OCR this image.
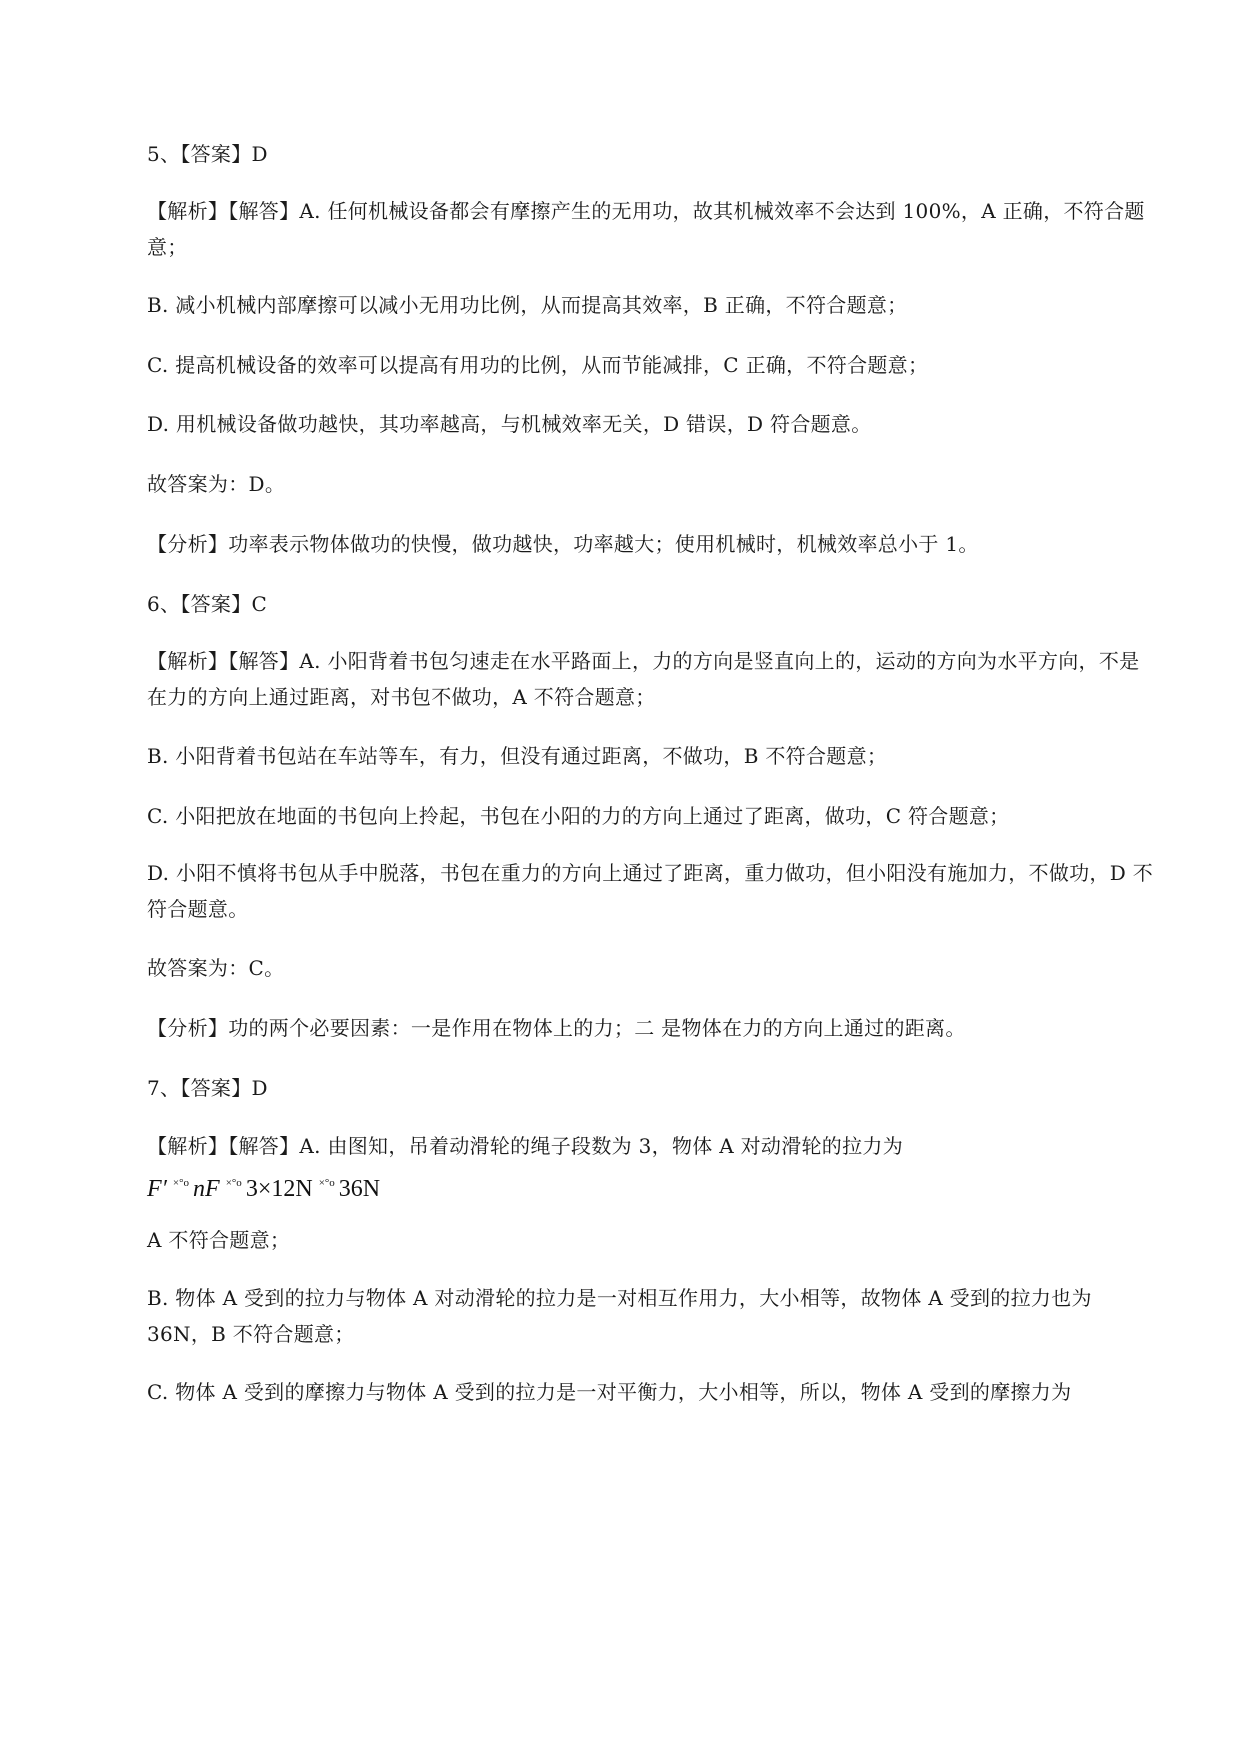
5、【答案】D
【解析】【解答】A. 任何机械设备都会有摩擦产生的无用功，故其机械效率不会达到 100%，A 正确，不符合题意；
B. 减小机械内部摩擦可以减小无用功比例，从而提高其效率，B 正确，不符合题意；
C. 提高机械设备的效率可以提高有用功的比例，从而节能减排，C 正确，不符合题意；
D. 用机械设备做功越快，其功率越高，与机械效率无关，D 错误，D 符合题意。
故答案为：D。
【分析】功率表示物体做功的快慢，做功越快，功率越大；使用机械时，机械效率总小于 1。
6、【答案】C
【解析】【解答】A. 小阳背着书包匀速走在水平路面上，力的方向是竖直向上的，运动的方向为水平方向，不是在力的方向上通过距离，对书包不做功，A 不符合题意；
B. 小阳背着书包站在车站等车，有力，但没有通过距离，不做功，B 不符合题意；
C. 小阳把放在地面的书包向上拎起，书包在小阳的力的方向上通过了距离，做功，C 符合题意；
D. 小阳不慎将书包从手中脱落，书包在重力的方向上通过了距离，重力做功，但小阳没有施加力，不做功，D 不符合题意。
故答案为：C。
【分析】功的两个必要因素：一是作用在物体上的力；二 是物体在力的方向上通过的距离。
7、【答案】D
【解析】【解答】A. 由图知，吊着动滑轮的绳子段数为 3，物体 A 对动滑轮的拉力为
F′ $^{\times^\circ o}$ nF $^{\times^\circ o}$ 3×12N $^{\times^\circ o}$ 36N
A 不符合题意；
B. 物体 A 受到的拉力与物体 A 对动滑轮的拉力是一对相互作用力，大小相等，故物体 A 受到的拉力也为 36N，B 不符合题意；
C. 物体 A 受到的摩擦力与物体 A 受到的拉力是一对平衡力，大小相等，所以，物体 A 受到的摩擦力为
